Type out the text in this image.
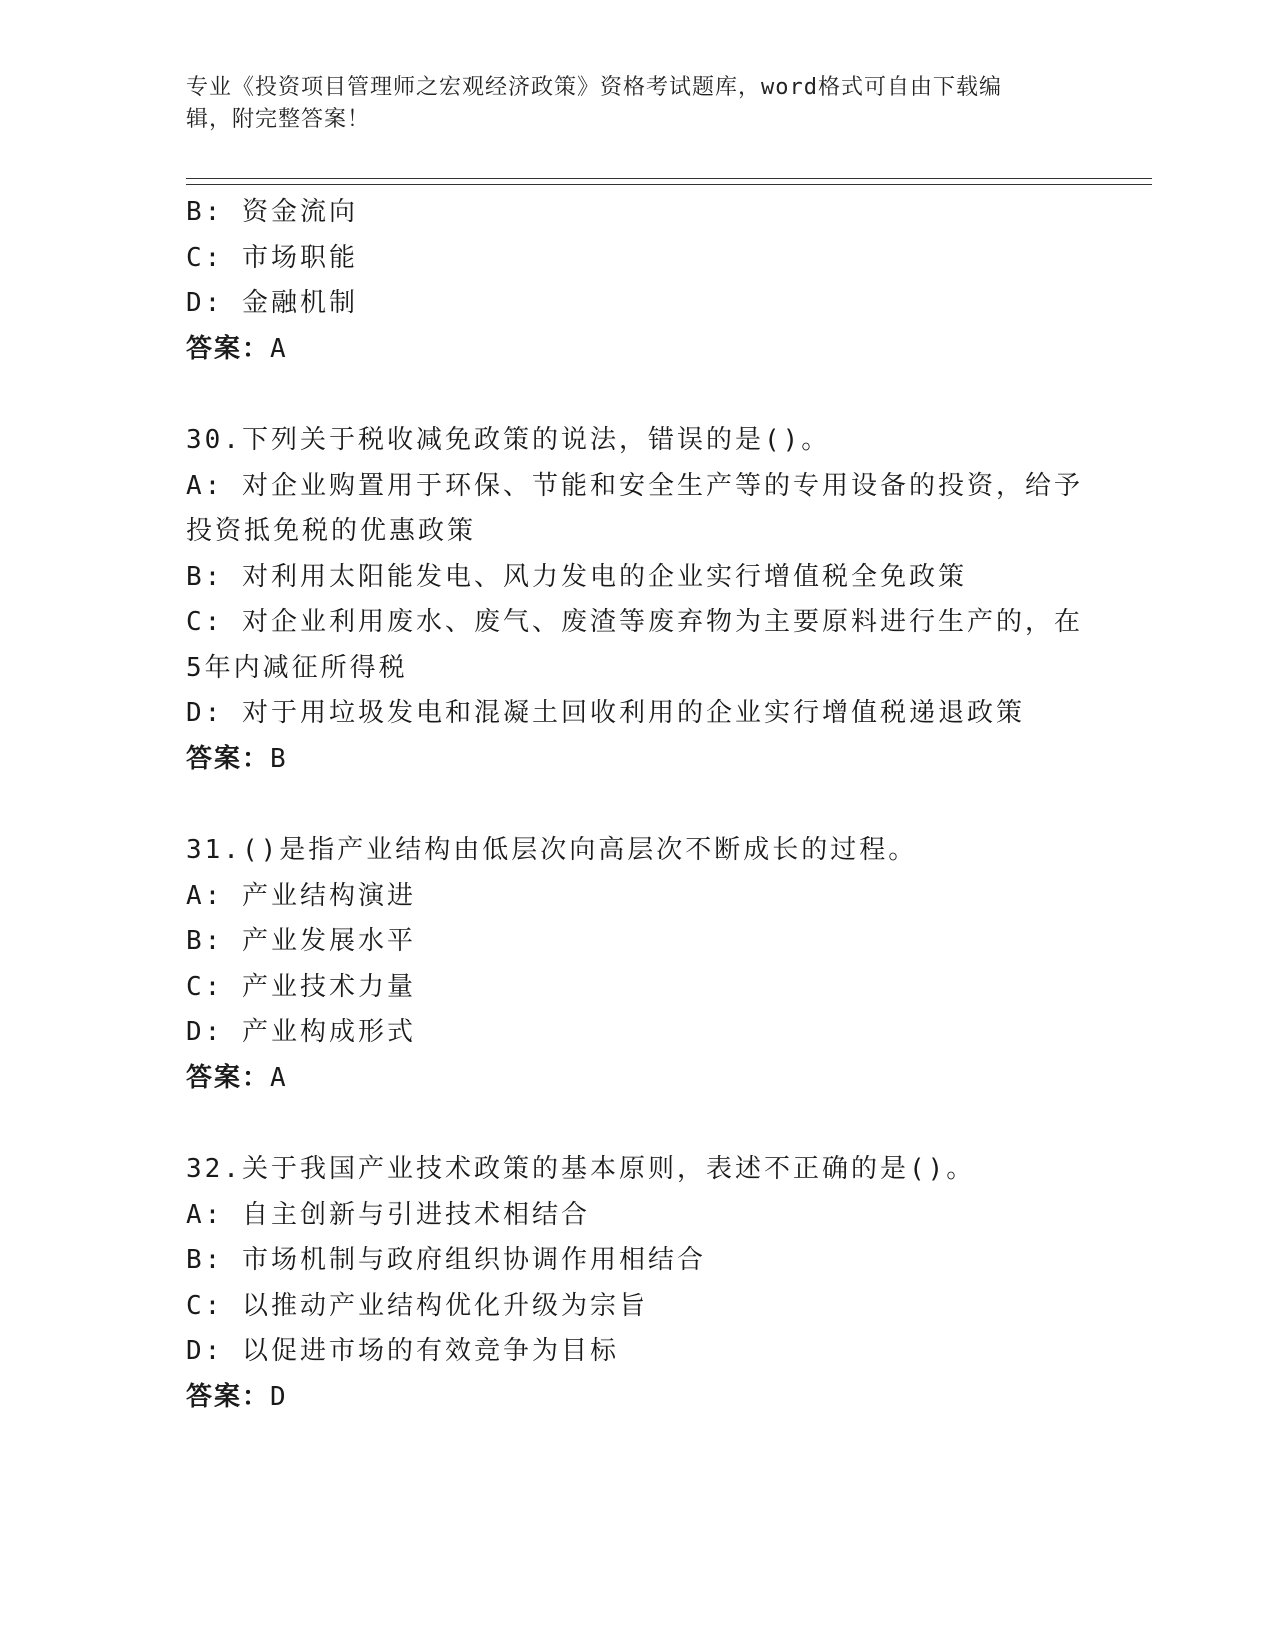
专业《投资项目管理师之宏观经济政策》资格考试题库，word格式可自由下载编
辑，附完整答案！
B: 资金流向
C: 市场职能
D: 金融机制
答案：A
30.下列关于税收减免政策的说法，错误的是()。
A: 对企业购置用于环保、节能和安全生产等的专用设备的投资，给予
投资抵免税的优惠政策
B: 对利用太阳能发电、风力发电的企业实行增值税全免政策
C: 对企业利用废水、废气、废渣等废弃物为主要原料进行生产的，在
5年内减征所得税
D: 对于用垃圾发电和混凝土回收利用的企业实行增值税递退政策
答案：B
31.()是指产业结构由低层次向高层次不断成长的过程。
A: 产业结构演进
B: 产业发展水平
C: 产业技术力量
D: 产业构成形式
答案：A
32.关于我国产业技术政策的基本原则，表述不正确的是()。
A: 自主创新与引进技术相结合
B: 市场机制与政府组织协调作用相结合
C: 以推动产业结构优化升级为宗旨
D: 以促进市场的有效竞争为目标
答案：D
